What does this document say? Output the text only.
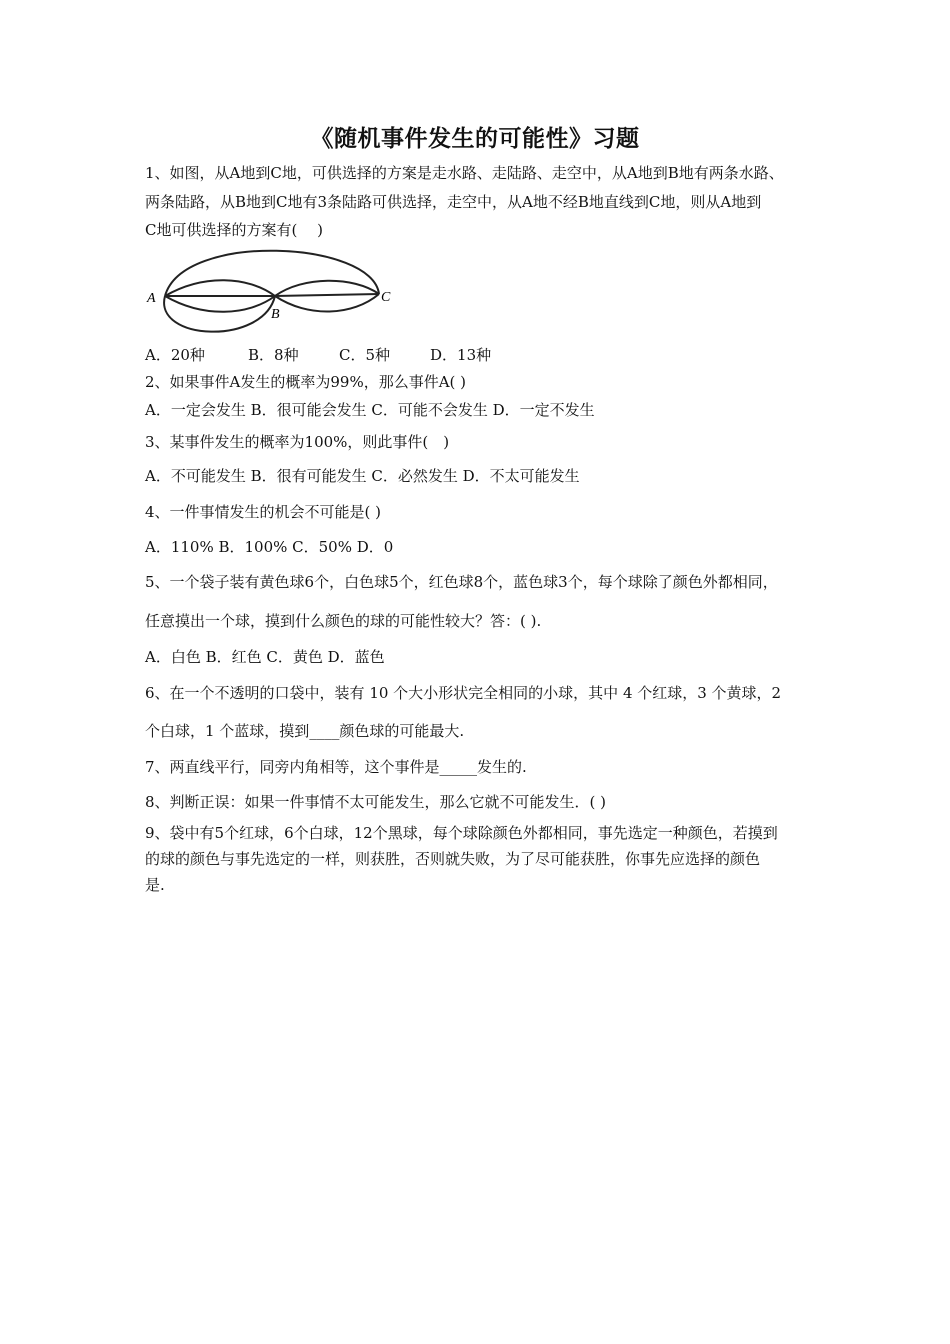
《随机事件发生的可能性》习题
1、如图，从A地到C地，可供选择的方案是走水路、走陆路、走空中，从A地到B地有两条水路、
两条陆路，从B地到C地有3条陆路可供选择，走空中，从A地不经B地直线到C地，则从A地到
C地可供选择的方案有(　 )
A
B
C
A．20种	B．8种	C．5种	D．13种
2、如果事件A发生的概率为99%，那么事件A( )
A．一定会发生 B．很可能会发生 C．可能不会发生 D．一定不发生
3、某事件发生的概率为100%，则此事件(　)
A．不可能发生 B．很有可能发生 C．必然发生 D．不太可能发生
4、一件事情发生的机会不可能是( )
A．110% B．100% C．50% D．0
5、一个袋子装有黄色球6个，白色球5个，红色球8个，蓝色球3个，每个球除了颜色外都相同，
任意摸出一个球，摸到什么颜色的球的可能性较大？答：( ).
A．白色 B．红色 C．黄色 D．蓝色
6、在一个不透明的口袋中，装有 10 个大小形状完全相同的小球，其中 4 个红球，3 个黄球，2
个白球，1 个蓝球，摸到____颜色球的可能最大.
7、两直线平行，同旁内角相等，这个事件是_____发生的.
8、判断正误：如果一件事情不太可能发生，那么它就不可能发生．( )
9、袋中有5个红球，6个白球，12个黑球，每个球除颜色外都相同，事先选定一种颜色，若摸到
的球的颜色与事先选定的一样，则获胜，否则就失败，为了尽可能获胜，你事先应选择的颜色
是.
